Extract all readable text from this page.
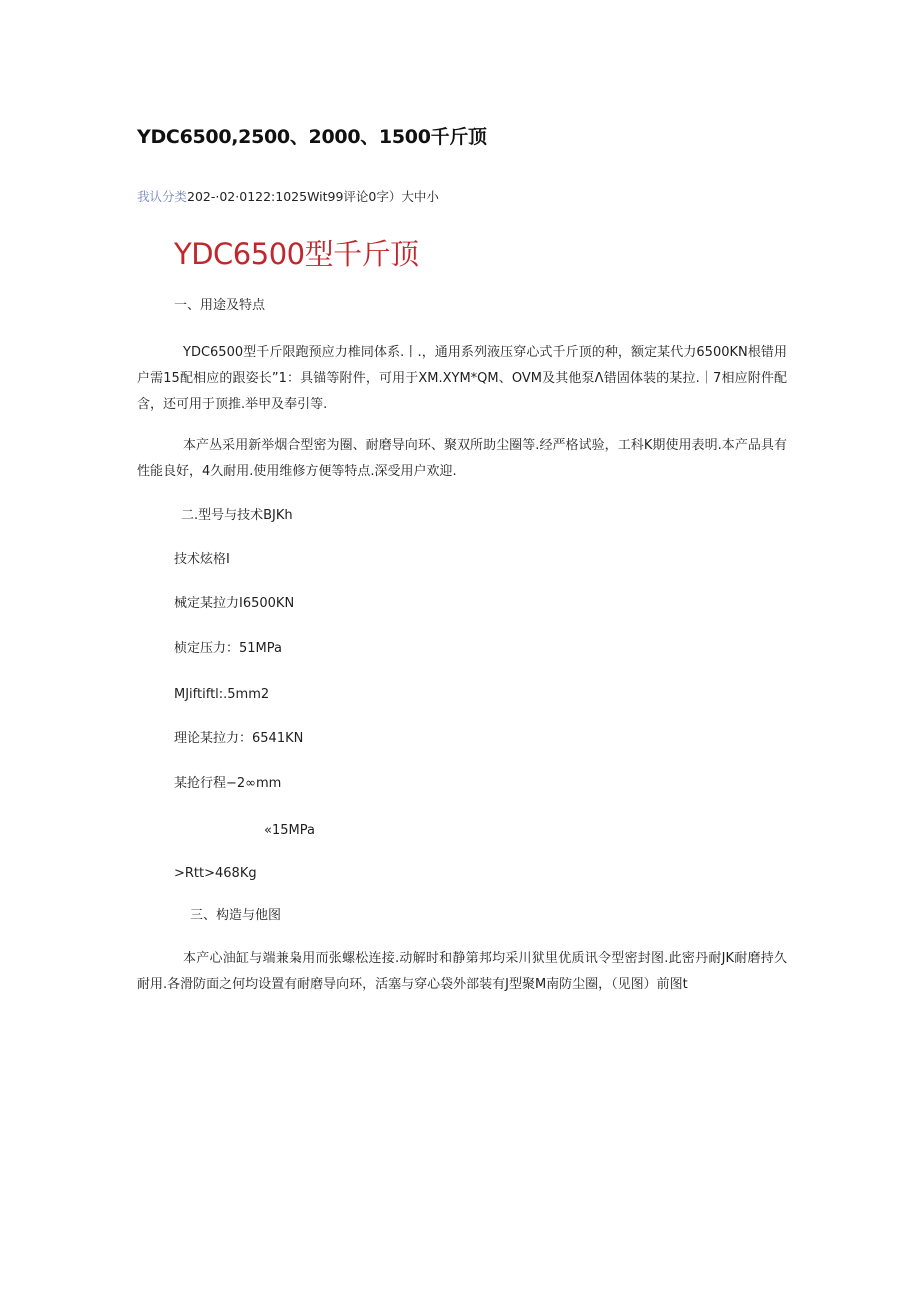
YDC6500,2500、2000、1500千斤顶
我认分类202-·02·0122:1025Wit99评论0字）大中小
YDC6500型千斤顶
一、用途及特点
YDC6500型千斤限跑预应力椎同体系.丨.，通用系列液压穿心式千斤顶的种，额定某代力6500KN根错用户需15配相应的跟姿长”1：具锚等附件，可用于XM.XYM*QM、OVM及其他泵Λ错固体装的某拉.｜7相应附件配含，还可用于顶推.举甲及奉引等.
本产丛采用新举烟合型密为圈、耐磨导向环、聚双所助尘圈等.经严格试验，工科K期使用表明.本产品具有性能良好，4久耐用.使用维修方便等特点.深受用户欢迎.
二.型号与技术BJKh
技术炫格I
械定某拉力I6500KN
桢定压力：51MPa
MJiftiftl:.5mm2
理论某拉力：6541KN
某抢行程−2∞mm
«15MPa
>Rtt>468Kg
三、构造与他图
本产心油缸与端兼枭用而张螺松连接.动解时和静第邦均采川狱里优质讯令型密封图.此密丹耐JK耐磨持久耐用.各滑防面之何均设置有耐磨导向环，活塞与穿心袋外部装有J型聚M南防尘圈，（见图）前图t
